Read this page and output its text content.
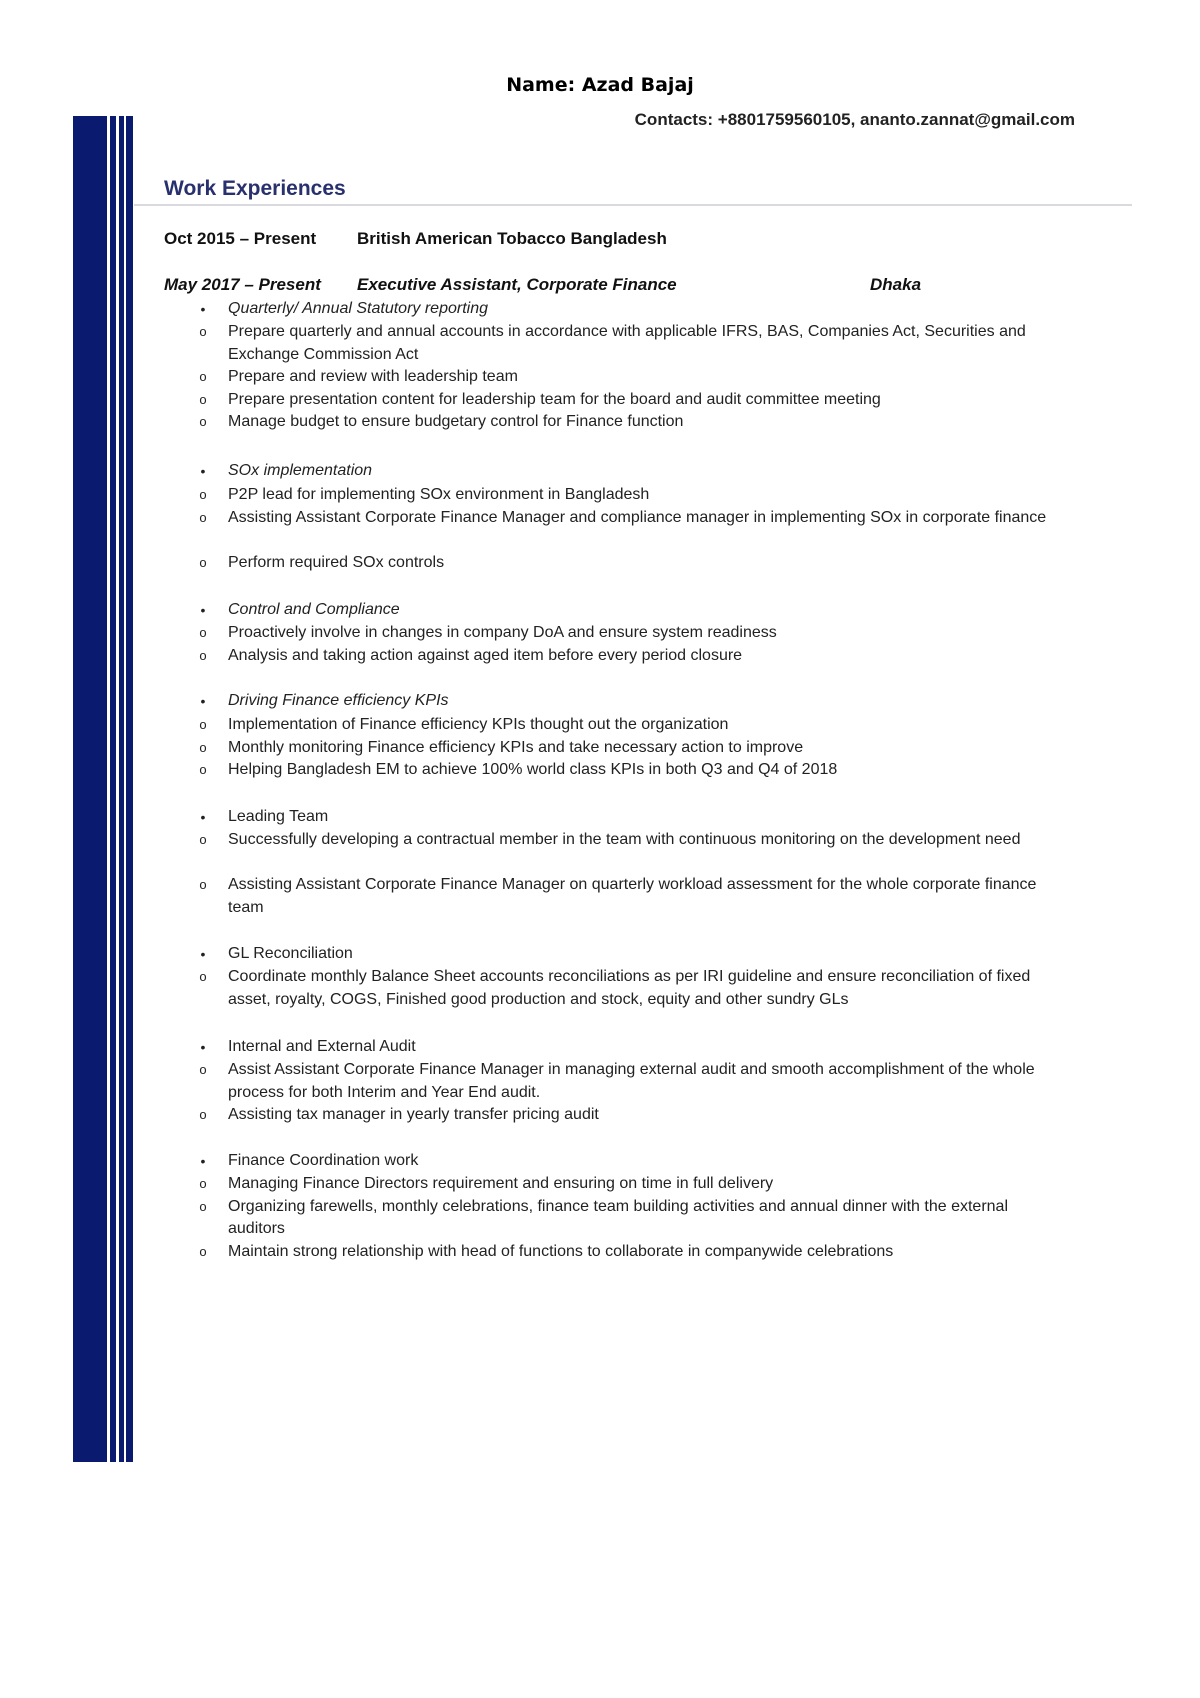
Name: Azad Bajaj
Contacts: +8801759560105, ananto.zannat@gmail.com
Work Experiences
Oct 2015 – Present British American Tobacco Bangladesh
May 2017 – Present Executive Assistant, Corporate Finance	Dhaka
• Quarterly/ Annual Statutory reporting
o Prepare quarterly and annual accounts in accordance with applicable IFRS, BAS, Companies Act, Securities and Exchange Commission Act
o Prepare and review with leadership team
o Prepare presentation content for leadership team for the board and audit committee meeting
o Manage budget to ensure budgetary control for Finance function
• SOx implementation
o P2P lead for implementing SOx environment in Bangladesh
o Assisting Assistant Corporate Finance Manager and compliance manager in implementing SOx in corporate finance
o Perform required SOx controls
• Control and Compliance
o Proactively involve in changes in company DoA and ensure system readiness
o Analysis and taking action against aged item before every period closure
• Driving Finance efficiency KPIs
o Implementation of Finance efficiency KPIs thought out the organization
o Monthly monitoring Finance efficiency KPIs and take necessary action to improve
o Helping Bangladesh EM to achieve 100% world class KPIs in both Q3 and Q4 of 2018
• Leading Team
o Successfully developing a contractual member in the team with continuous monitoring on the development need
o Assisting Assistant Corporate Finance Manager on quarterly workload assessment for the whole corporate finance team
• GL Reconciliation
o Coordinate monthly Balance Sheet accounts reconciliations as per IRI guideline and ensure reconciliation of fixed asset, royalty, COGS, Finished good production and stock, equity and other sundry GLs
• Internal and External Audit
o Assist Assistant Corporate Finance Manager in managing external audit and smooth accomplishment of the whole process for both Interim and Year End audit.
o Assisting tax manager in yearly transfer pricing audit
• Finance Coordination work
o Managing Finance Directors requirement and ensuring on time in full delivery
o Organizing farewells, monthly celebrations, finance team building activities and annual dinner with the external auditors
o Maintain strong relationship with head of functions to collaborate in companywide celebrations
